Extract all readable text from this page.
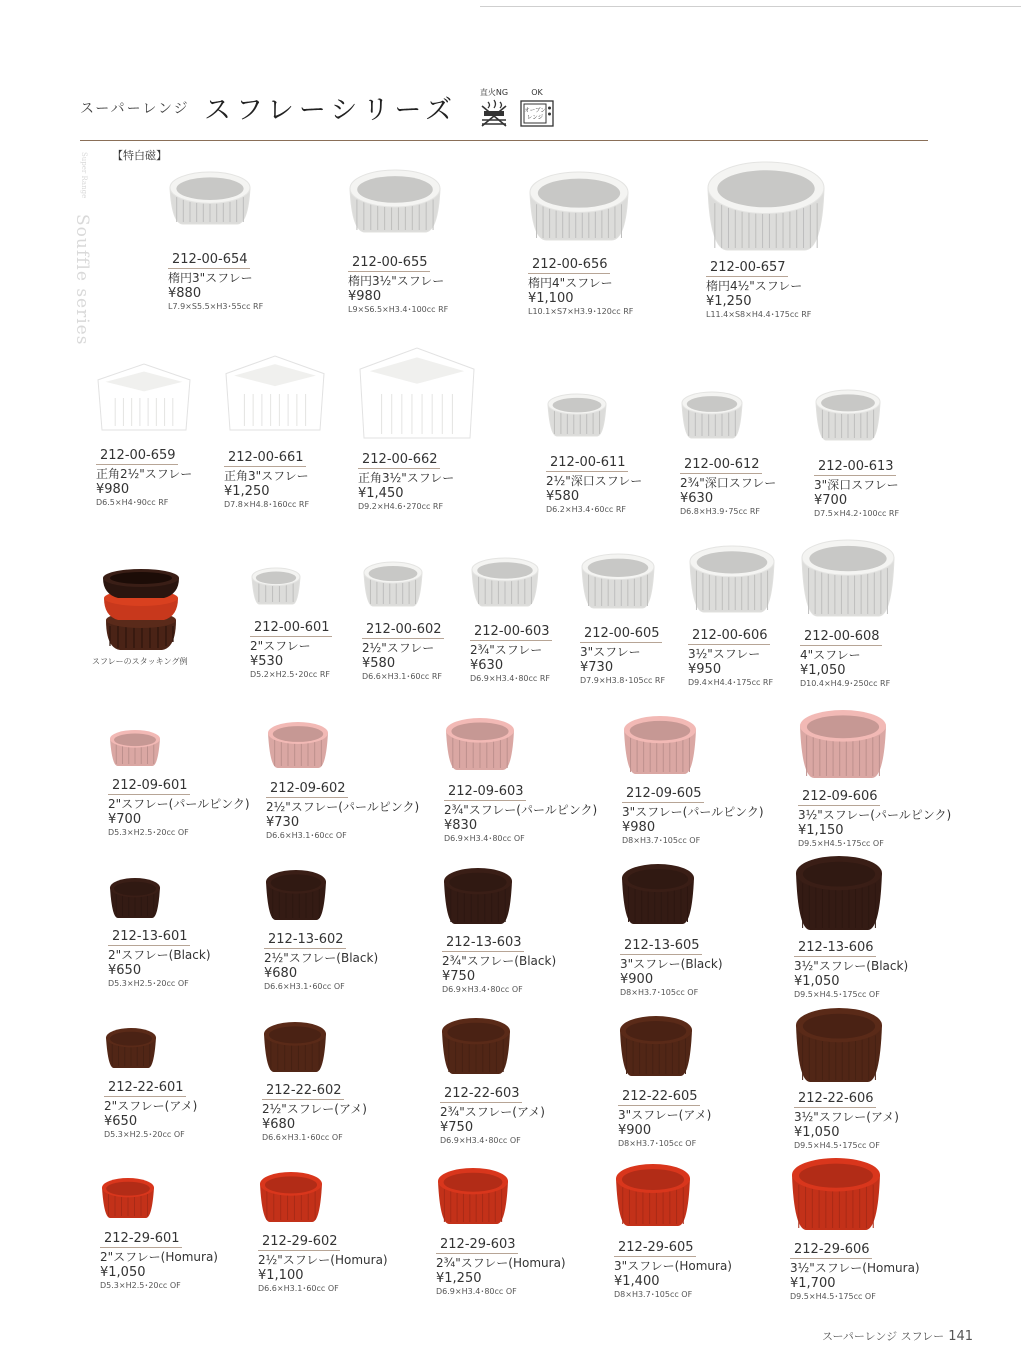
スーパーレンジ スフレーシリーズ
直火NG	OK
オーブン
レンジ
【特白磁】
Super Range
Souffle series
スフレーのスタッキング例
212-00-654
楕円3"スフレー
¥880
L7.9×S5.5×H3･55cc RF
212-00-655
楕円3½"スフレー
¥980
L9×S6.5×H3.4･100cc RF
212-00-656
楕円4"スフレー
¥1,100
L10.1×S7×H3.9･120cc RF
212-00-657
楕円4½"スフレー
¥1,250
L11.4×S8×H4.4･175cc RF
212-00-659
正角2½"スフレー
¥980
D6.5×H4･90cc RF
212-00-661
正角3"スフレー
¥1,250
D7.8×H4.8･160cc RF
212-00-662
正角3½"スフレー
¥1,450
D9.2×H4.6･270cc RF
212-00-611
2½"深口スフレー
¥580
D6.2×H3.4･60cc RF
212-00-612
2¾"深口スフレー
¥630
D6.8×H3.9･75cc RF
212-00-613
3"深口スフレー
¥700
D7.5×H4.2･100cc RF
212-00-601
2"スフレー
¥530
D5.2×H2.5･20cc RF
212-00-602
2½"スフレー
¥580
D6.6×H3.1･60cc RF
212-00-603
2¾"スフレー
¥630
D6.9×H3.4･80cc RF
212-00-605
3"スフレー
¥730
D7.9×H3.8･105cc RF
212-00-606
3½"スフレー
¥950
D9.4×H4.4･175cc RF
212-00-608
4"スフレー
¥1,050
D10.4×H4.9･250cc RF
212-09-601
2"スフレー(パールピンク)
¥700
D5.3×H2.5･20cc OF
212-09-602
2½"スフレー(パールピンク)
¥730
D6.6×H3.1･60cc OF
212-09-603
2¾"スフレー(パールピンク)
¥830
D6.9×H3.4･80cc OF
212-09-605
3"スフレー(パールピンク)
¥980
D8×H3.7･105cc OF
212-09-606
3½"スフレー(パールピンク)
¥1,150
D9.5×H4.5･175cc OF
212-13-601
2"スフレー(Black)
¥650
D5.3×H2.5･20cc OF
212-13-602
2½"スフレー(Black)
¥680
D6.6×H3.1･60cc OF
212-13-603
2¾"スフレー(Black)
¥750
D6.9×H3.4･80cc OF
212-13-605
3"スフレー(Black)
¥900
D8×H3.7･105cc OF
212-13-606
3½"スフレー(Black)
¥1,050
D9.5×H4.5･175cc OF
212-22-601
2"スフレー(アメ)
¥650
D5.3×H2.5･20cc OF
212-22-602
2½"スフレー(アメ)
¥680
D6.6×H3.1･60cc OF
212-22-603
2¾"スフレー(アメ)
¥750
D6.9×H3.4･80cc OF
212-22-605
3"スフレー(アメ)
¥900
D8×H3.7･105cc OF
212-22-606
3½"スフレー(アメ)
¥1,050
D9.5×H4.5･175cc OF
212-29-601
2"スフレー(Homura)
¥1,050
D5.3×H2.5･20cc OF
212-29-602
2½"スフレー(Homura)
¥1,100
D6.6×H3.1･60cc OF
212-29-603
2¾"スフレー(Homura)
¥1,250
D6.9×H3.4･80cc OF
212-29-605
3"スフレー(Homura)
¥1,400
D8×H3.7･105cc OF
212-29-606
3½"スフレー(Homura)
¥1,700
D9.5×H4.5･175cc OF
スーパーレンジ スフレー 141
